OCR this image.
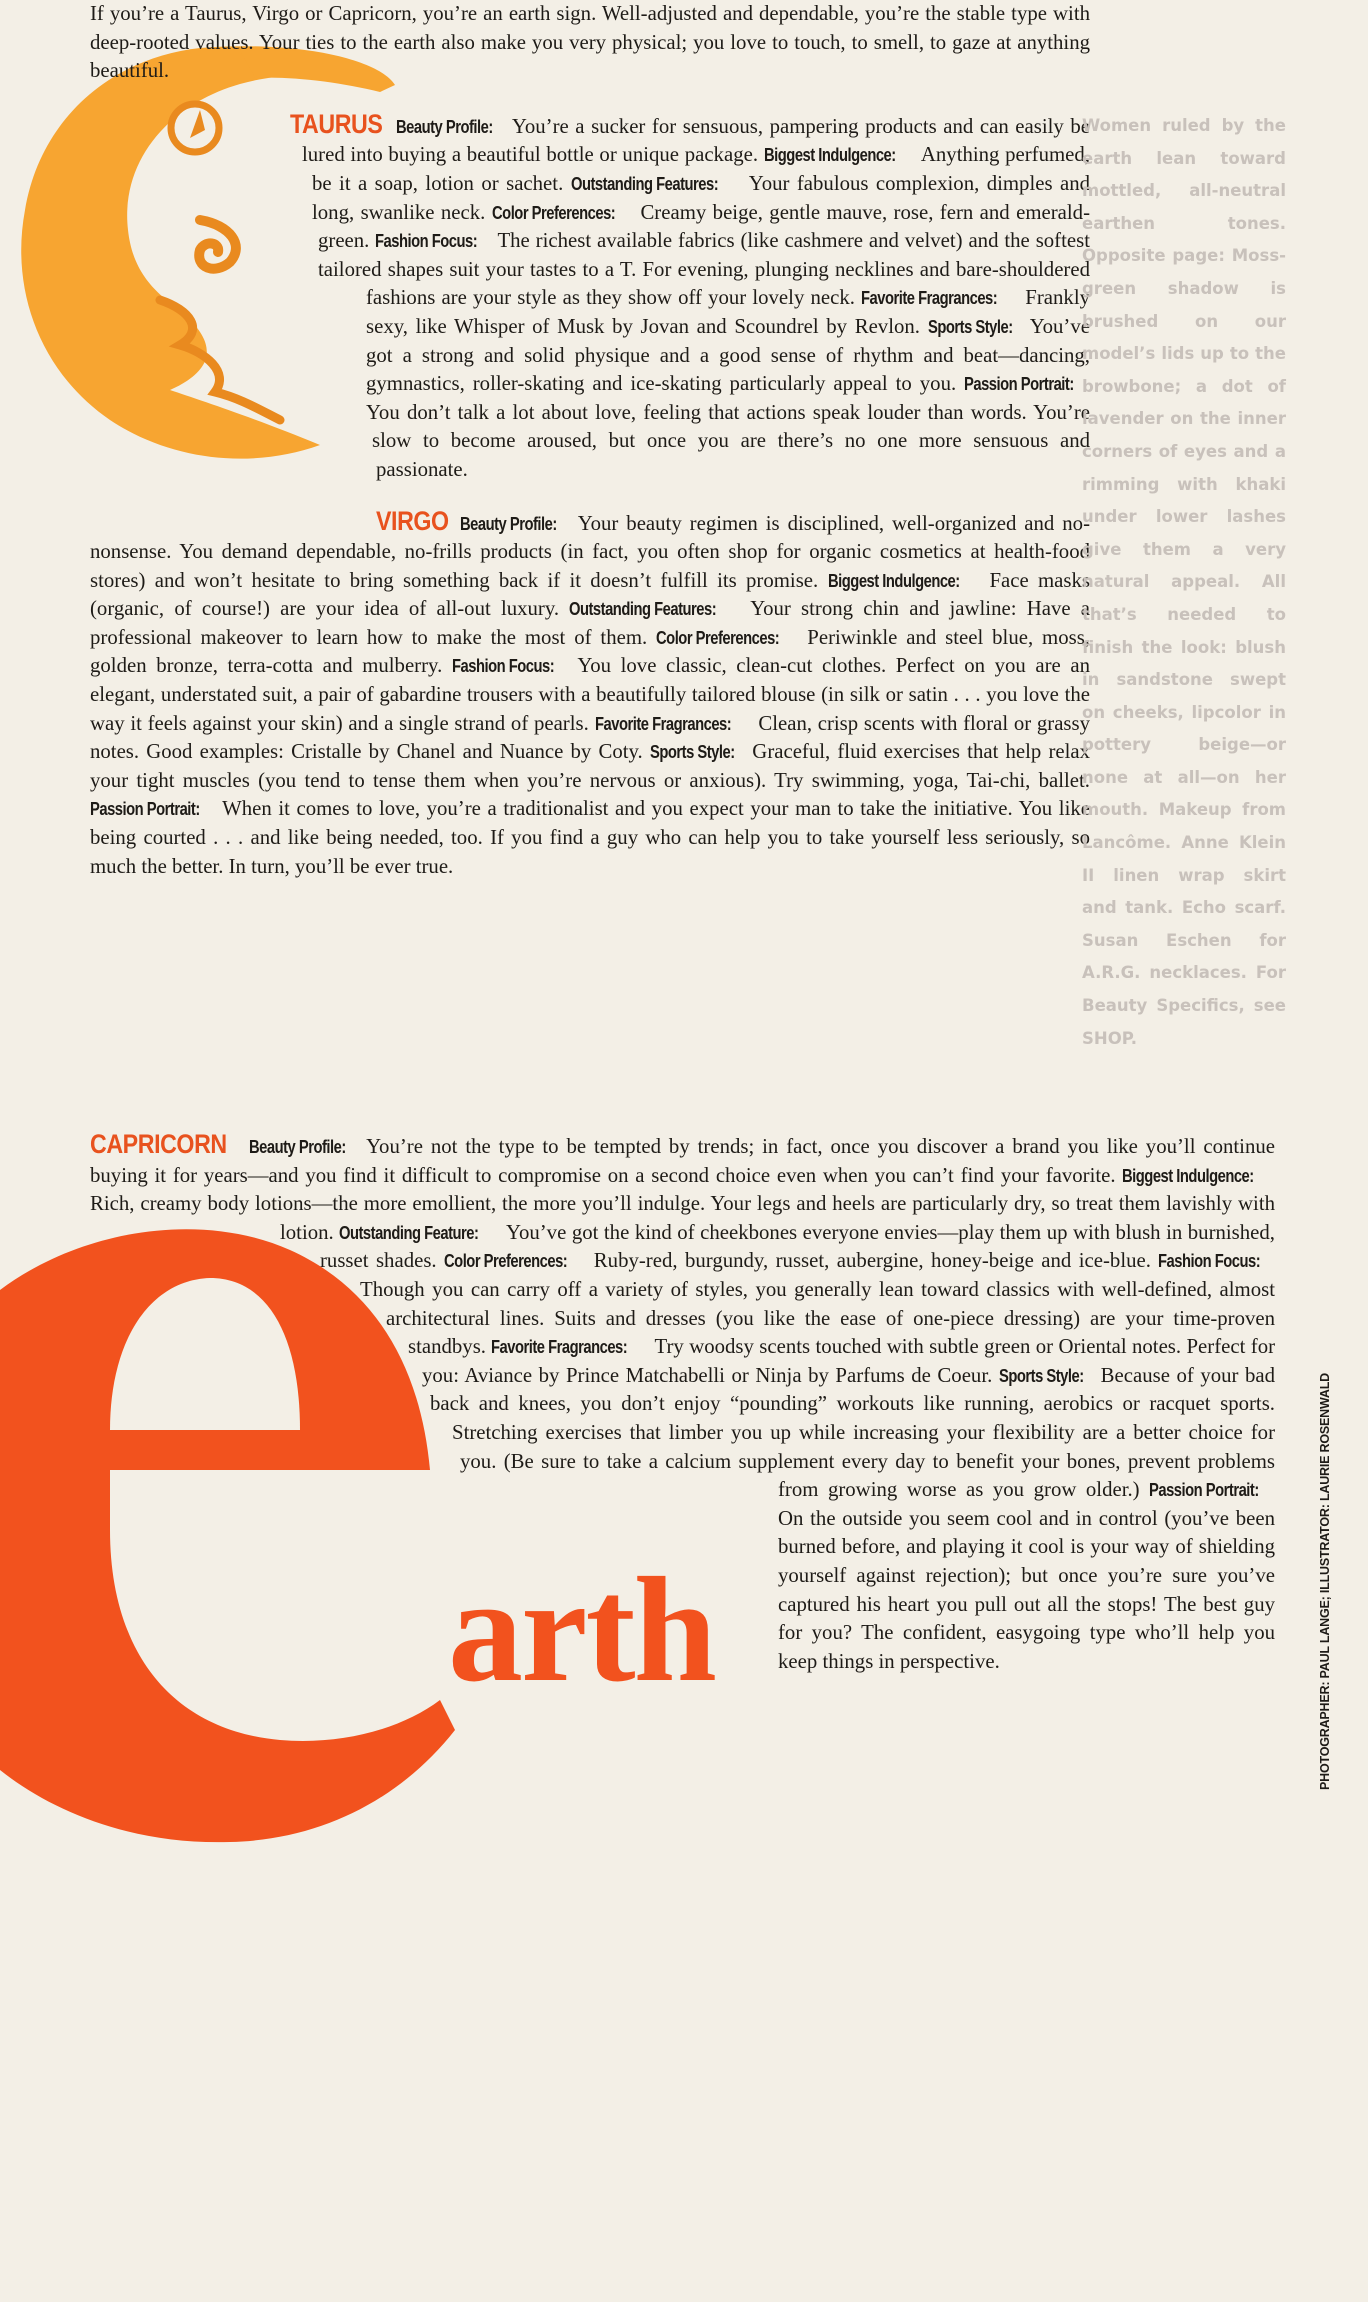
arth

If you’re a Taurus, Virgo or Capricorn, you’re an earth sign. Well-adjusted and dependable, you’re the stable type with deep-rooted values. Your ties to the earth also make you very physical; you love to touch, to smell, to gaze at anything beautiful.

TAURUS Beauty Profile: You’re a sucker for sensuous, pampering products and can easily be lured into buying a beautiful bottle or unique package. Biggest Indulgence: Anything perfumed, be it a soap, lotion or sachet. Outstanding Features: Your fabulous complexion, dimples and long, swanlike neck. Color Preferences: Creamy beige, gentle mauve, rose, fern and emerald-green. Fashion Focus: The richest available fabrics (like cashmere and velvet) and the softest tailored shapes suit your tastes to a T. For evening, plunging necklines and bare-shouldered fashions are your style as they show off your lovely neck. Favorite Fragrances: Frankly sexy, like Whisper of Musk by Jovan and Scoundrel by Revlon. Sports Style: You’ve got a strong and solid physique and a good sense of rhythm and beat—dancing, gymnastics, roller-skating and ice-skating particularly appeal to you. Passion Portrait: You don’t talk a lot about love, feeling that actions speak louder than words. You’re slow to become aroused, but once you are there’s no one more sensuous and passionate.

VIRGO Beauty Profile: Your beauty regimen is disciplined, well-organized and no-nonsense. You demand dependable, no-frills products (in fact, you often shop for organic cosmetics at health-food stores) and won’t hesitate to bring something back if it doesn’t fulfill its promise. Biggest Indulgence: Face masks (organic, of course!) are your idea of all-out luxury. Outstanding Features: Your strong chin and jawline: Have a professional makeover to learn how to make the most of them. Color Preferences: Periwinkle and steel blue, moss, golden bronze, terra-cotta and mulberry. Fashion Focus: You love classic, clean-cut clothes. Perfect on you are an elegant, understated suit, a pair of gabardine trousers with a beautifully tailored blouse (in silk or satin . . . you love the way it feels against your skin) and a single strand of pearls. Favorite Fragrances: Clean, crisp scents with floral or grassy notes. Good examples: Cristalle by Chanel and Nuance by Coty. Sports Style: Graceful, fluid exercises that help relax your tight muscles (you tend to tense them when you’re nervous or anxious). Try swimming, yoga, Tai-chi, ballet. Passion Portrait: When it comes to love, you’re a traditionalist and you expect your man to take the initiative. You like being courted . . . and like being needed, too. If you find a guy who can help you to take yourself less seriously, so much the better. In turn, you’ll be ever true.

CAPRICORN Beauty Profile: You’re not the type to be tempted by trends; in fact, once you discover a brand you like you’ll continue buying it for years—and you find it difficult to compromise on a second choice even when you can’t find your favorite. Biggest Indulgence: Rich, creamy body lotions—the more emollient, the more you’ll indulge. Your legs and heels are particularly dry, so treat them lavishly with lotion. Outstanding Feature: You’ve got the kind of cheekbones everyone envies—play them up with blush in burnished, russet shades. Color Preferences: Ruby-red, burgundy, russet, aubergine, honey-beige and ice-blue. Fashion Focus: Though you can carry off a variety of styles, you generally lean toward classics with well-defined, almost architectural lines. Suits and dresses (you like the ease of one-piece dressing) are your time-proven standbys. Favorite Fragrances: Try woodsy scents touched with subtle green or Oriental notes. Perfect for you: Aviance by Prince Matchabelli or Ninja by Parfums de Coeur. Sports Style: Because of your bad back and knees, you don’t enjoy “pounding” workouts like running, aerobics or racquet sports. Stretching exercises that limber you up while increasing your flexibility are a better choice for you. (Be sure to take a calcium supplement every day to benefit your bones, prevent problems from growing worse as you grow older.) Passion Portrait: On the outside you seem cool and in control (you’ve been burned before, and playing it cool is your way of shielding yourself against rejection); but once you’re sure you’ve captured his heart you pull out all the stops! The best guy for you? The confident, easygoing type who’ll help you keep things in perspective.

Women ruled by the earth lean toward mottled, all-neutral earthen tones. Opposite page: Moss-green shadow is brushed on our model’s lids up to the browbone; a dot of lavender on the inner corners of eyes and a rimming with khaki under lower lashes give them a very natural appeal. All that’s needed to finish the look: blush in sandstone swept on cheeks, lipcolor in pottery beige—or none at all—on her mouth. Makeup from Lancôme. Anne Klein II linen wrap skirt and tank. Echo scarf. Susan Eschen for A.R.G. necklaces. For Beauty Specifics, see SHOP.
PHOTOGRAPHER: PAUL LANGE; ILLUSTRATOR: LAURIE ROSENWALD
